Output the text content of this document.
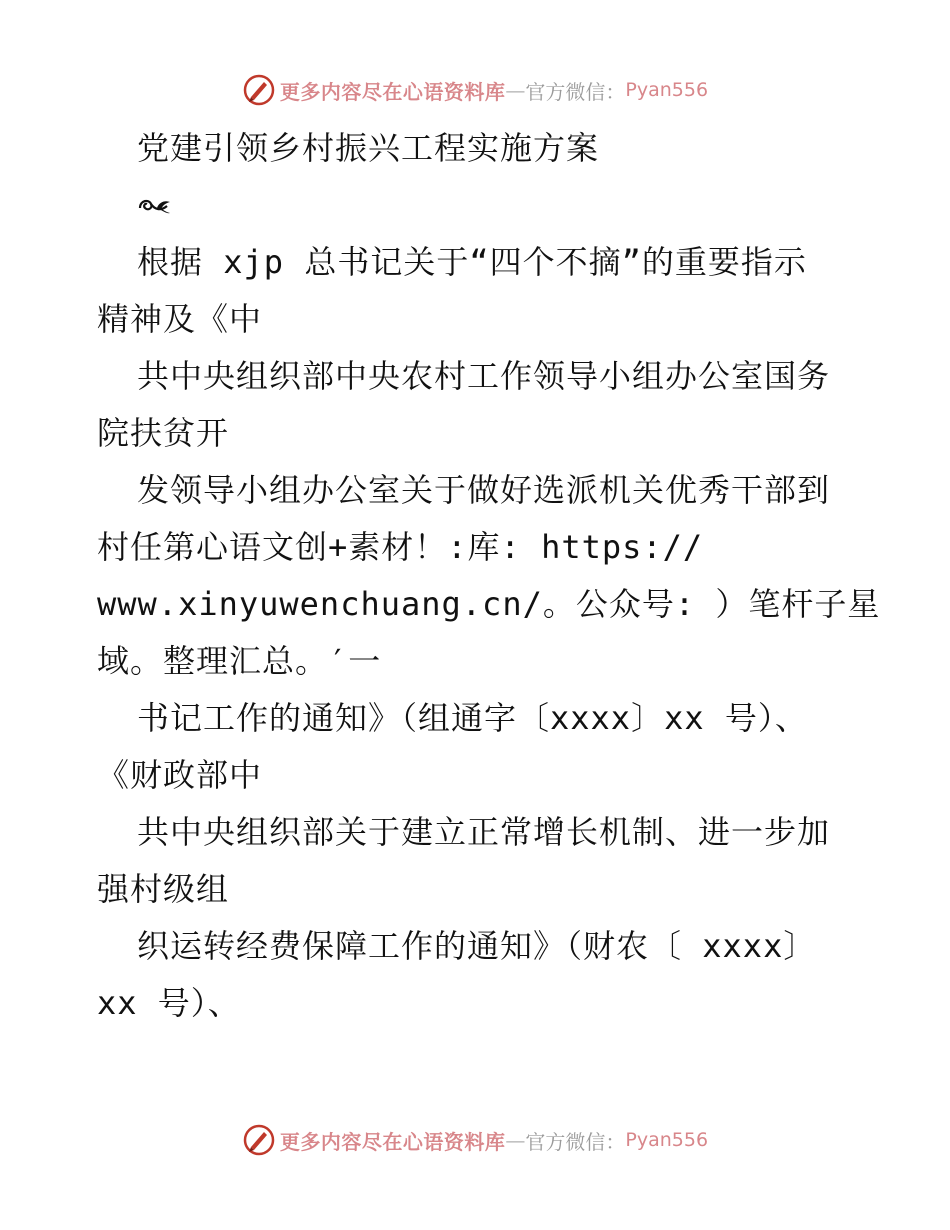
更多内容尽在心语资料库 — 官方微信： Pyan556
党建引领乡村振兴工程实施方案
根据 xjp 总书记关于“四个不摘”的重要指示
精神及《中
共中央组织部中央农村工作领导小组办公室国务
院扶贫开
发领导小组办公室关于做好选派机关优秀干部到
村任第心语文创+素材！:库: https://
www.xinyuwenchuang.cn/。公众号: ）笔杆子星
域。整理汇总。′一
书记工作的通知》（组通字〔xxxx〕xx 号）、
《财政部中
共中央组织部关于建立正常增长机制、进一步加
强村级组
织运转经费保障工作的通知》（财农〔 xxxx〕
xx 号）、
更多内容尽在心语资料库 — 官方微信： Pyan556
